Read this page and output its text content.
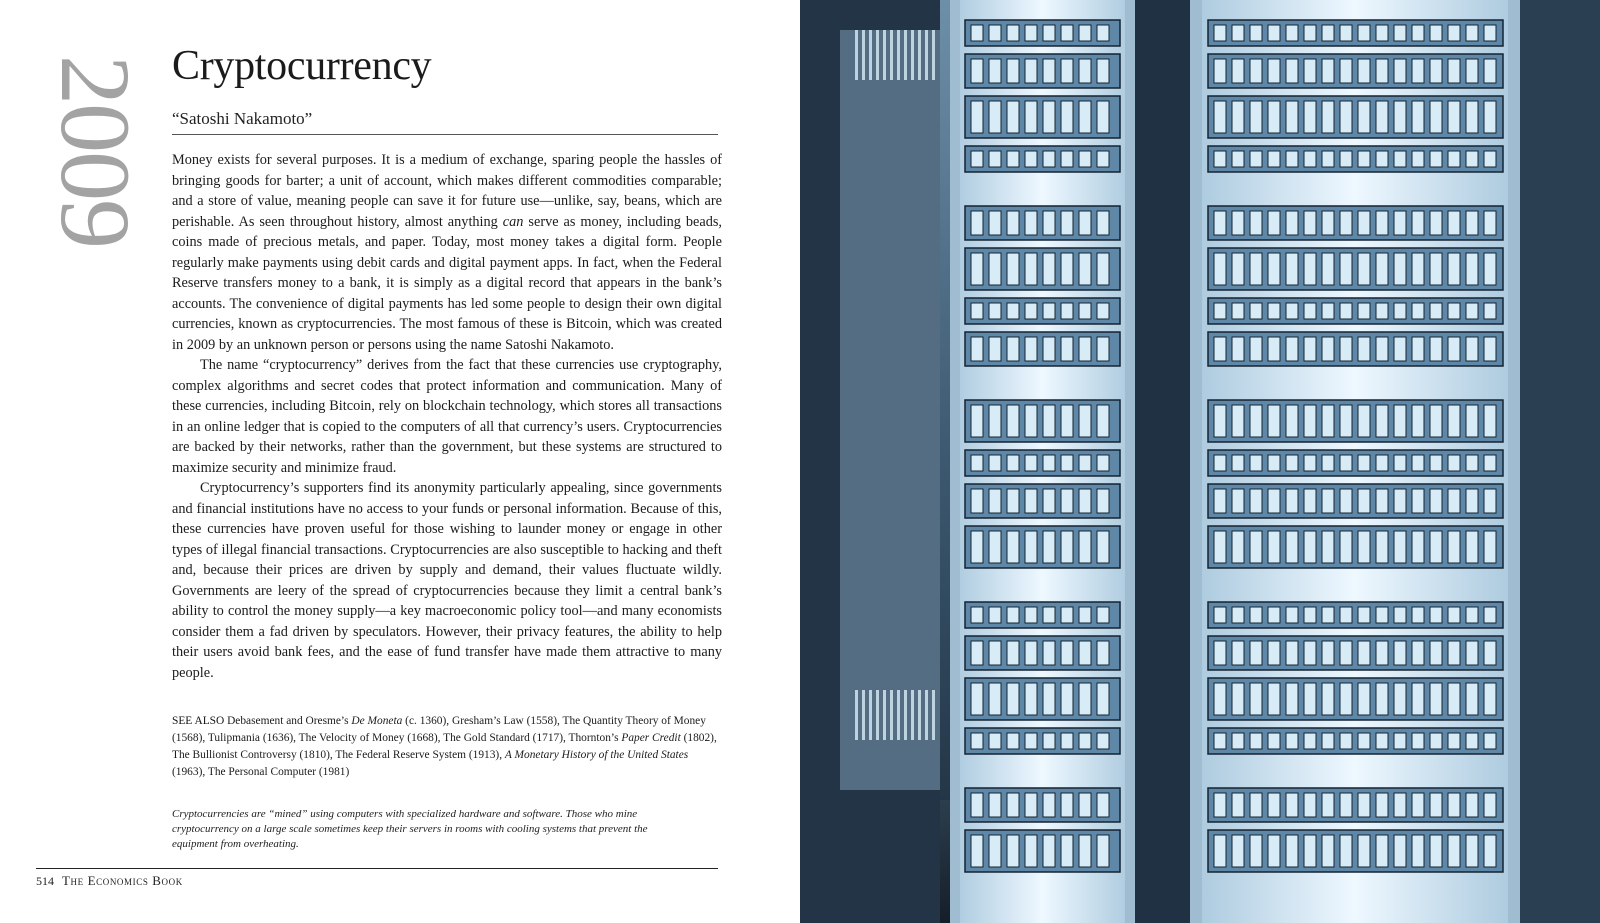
2009 Cryptocurrency
“Satoshi Nakamoto”

Money exists for several purposes. It is a medium of exchange, sparing people the hassles of bringing goods for barter; a unit of account, which makes different commodities comparable; and a store of value, meaning people can save it for future use—unlike, say, beans, which are perishable. As seen throughout history, almost anything can serve as money, including beads, coins made of precious metals, and paper. Today, most money takes a digital form. People regularly make payments using debit cards and digital payment apps. In fact, when the Federal Reserve transfers money to a bank, it is simply as a digital record that appears in the bank’s accounts. The convenience of digital payments has led some people to design their own digital currencies, known as cryptocurrencies. The most famous of these is Bitcoin, which was created in 2009 by an unknown person or persons using the name Satoshi Nakamoto.

The name “cryptocurrency” derives from the fact that these currencies use cryptography, complex algorithms and secret codes that protect information and communication. Many of these currencies, including Bitcoin, rely on blockchain technology, which stores all transactions in an online ledger that is copied to the computers of all that currency’s users. Cryptocurrencies are backed by their networks, rather than the government, but these systems are structured to maximize security and minimize fraud.

Cryptocurrency’s supporters find its anonymity particularly appealing, since governments and financial institutions have no access to your funds or personal information. Because of this, these currencies have proven useful for those wishing to launder money or engage in other types of illegal financial transactions. Cryptocurrencies are also susceptible to hacking and theft and, because their prices are driven by supply and demand, their values fluctuate wildly. Governments are leery of the spread of cryptocurrencies because they limit a central bank’s ability to control the money supply—a key macroeconomic policy tool—and many economists consider them a fad driven by speculators. However, their privacy features, the ability to help their users avoid bank fees, and the ease of fund transfer have made them attractive to many people.

SEE ALSO Debasement and Oresme’s De Moneta (c. 1360), Gresham’s Law (1558), The Quantity Theory of Money (1568), Tulipmania (1636), The Velocity of Money (1668), The Gold Standard (1717), Thornton’s Paper Credit (1802), The Bullionist Controversy (1810), The Federal Reserve System (1913), A Monetary History of the United States (1963), The Personal Computer (1981)
Cryptocurrencies are “mined” using computers with specialized hardware and software. Those who mine cryptocurrency on a large scale sometimes keep their servers in rooms with cooling systems that prevent the equipment from overheating.
514 The Economics Book
